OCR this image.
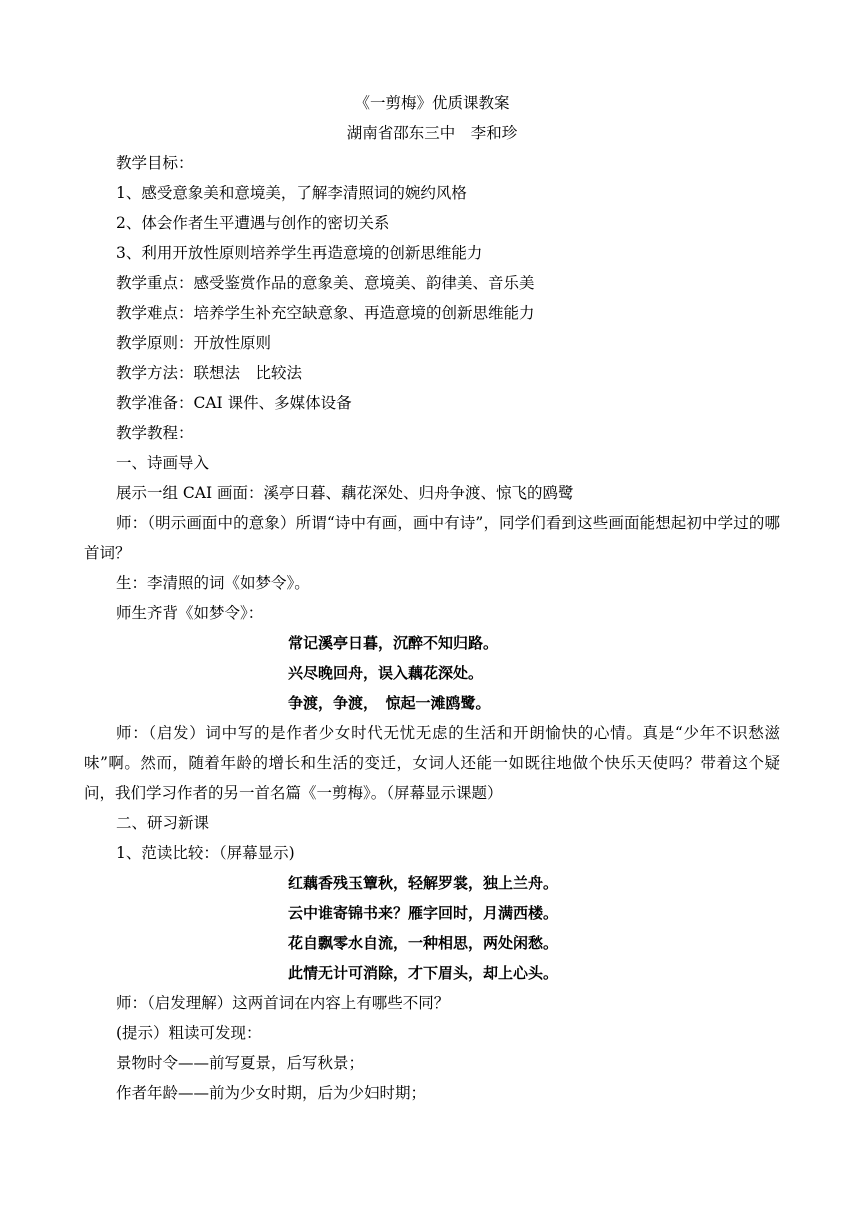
《一剪梅》优质课教案
湖南省邵东三中　李和珍
教学目标：
1、感受意象美和意境美，了解李清照词的婉约风格
2、体会作者生平遭遇与创作的密切关系
3、利用开放性原则培养学生再造意境的创新思维能力
教学重点：感受鉴赏作品的意象美、意境美、韵律美、音乐美
教学难点：培养学生补充空缺意象、再造意境的创新思维能力
教学原则：开放性原则
教学方法：联想法　比较法
教学准备：CAI 课件、多媒体设备
教学教程：
一、诗画导入
展示一组 CAI 画面：溪亭日暮、藕花深处、归舟争渡、惊飞的鸥鹭

师：（明示画面中的意象）所谓“诗中有画，画中有诗”，同学们看到这些画面能想起初中学过的哪首词？

生：李清照的词《如梦令》。
师生齐背《如梦令》：
常记溪亭日暮，沉醉不知归路。
兴尽晚回舟，误入藕花深处。
争渡，争渡，　惊起一滩鸥鹭。

师：（启发）词中写的是作者少女时代无忧无虑的生活和开朗愉快的心情。真是“少年不识愁滋味”啊。然而，随着年龄的增长和生活的变迁，女词人还能一如既往地做个快乐天使吗？带着这个疑问，我们学习作者的另一首名篇《一剪梅》。（屏幕显示课题）

二、研习新课
1、范读比较：（屏幕显示)
红藕香残玉簟秋，轻解罗裳，独上兰舟。
云中谁寄锦书来？雁字回时，月满西楼。
花自飘零水自流，一种相思，两处闲愁。
此情无计可消除，才下眉头，却上心头。
师：（启发理解）这两首词在内容上有哪些不同？
(提示）粗读可发现：
景物时令——前写夏景，后写秋景；
作者年龄——前为少女时期，后为少妇时期；
